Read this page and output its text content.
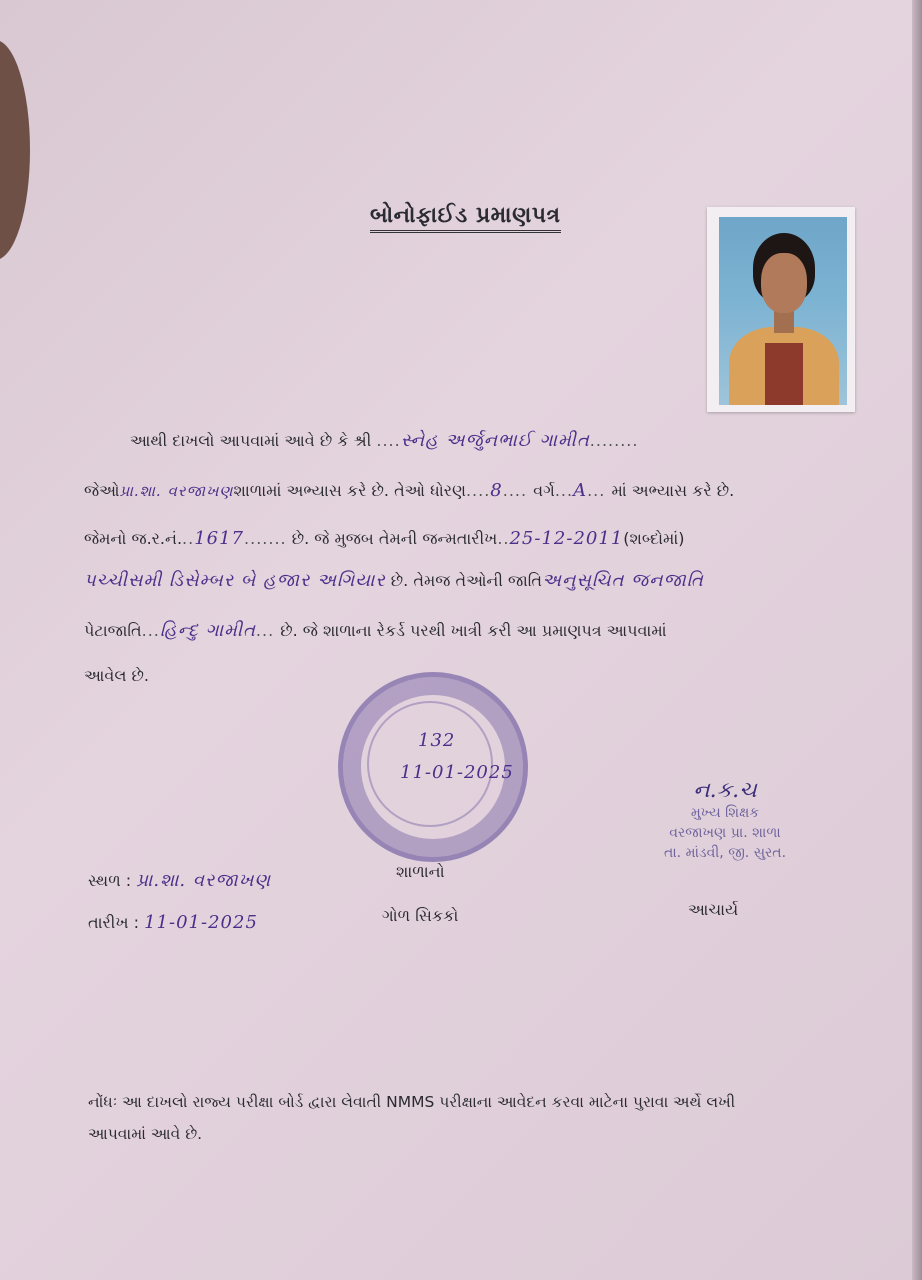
બોનોફાઈડ પ્રમાણપત્ર
આથી દાખલો આપવામાં આવે છે કે શ્રી ....સ્નેહ અર્જુનભાઈ ગામીત........
જેઓપ્રા.શા. વરજાખણશાળામાં અભ્યાસ કરે છે. તેઓ ધોરણ....8.... વર્ગ...A... માં અભ્યાસ કરે છે.
જેમનો જ.ર.નં...1617....... છે. જે મુજબ તેમની જન્મતારીખ..25-12-2011(શબ્દોમાં)
પચ્ચીસમી ડિસેમ્બર બે હજાર અગિયાર છે. તેમજ તેઓની જાતિઅનુસૂચિત જનજાતિ
પેટાજાતિ...હિન્દુ ગામીત... છે. જે શાળાના રેકર્ડ પરથી ખાત્રી કરી આ પ્રમાણપત્ર આપવામાં
આવેલ છે.
132
11-01-2025
ન.ક.ચ
મુખ્ય શિક્ષક
વરજાખણ પ્રા. શાળા
તા. માંડવી, જી. સુરત.
સ્થળ : પ્રા.શા. વરજાખણ
તારીખ : 11-01-2025
શાળાનો
ગોળ સિકકો	આચાર્ય
નોંધઃ આ દાખલો રાજ્ય પરીક્ષા બોર્ડ દ્વારા લેવાતી NMMS પરીક્ષાના આવેદન કરવા માટેના પુરાવા અર્થે લખી
આપવામાં આવે છે.
